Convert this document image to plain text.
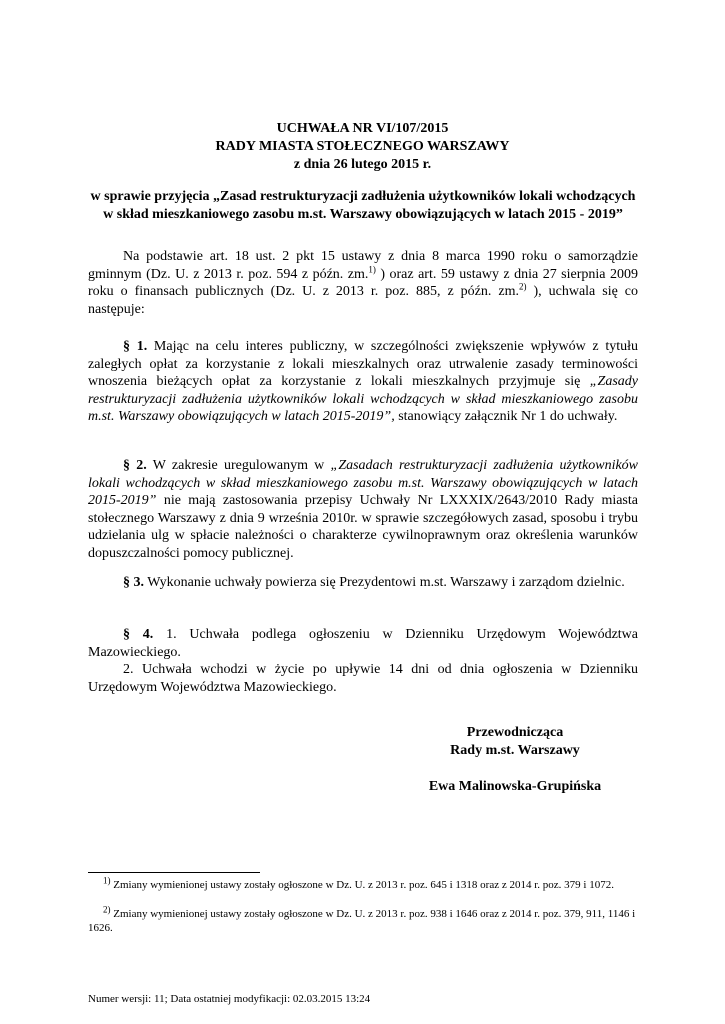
UCHWAŁA NR VI/107/2015
RADY MIASTA STOŁECZNEGO WARSZAWY
z dnia 26 lutego 2015 r.
w sprawie przyjęcia „Zasad restrukturyzacji zadłużenia użytkowników lokali wchodzących w skład mieszkaniowego zasobu m.st. Warszawy obowiązujących w latach 2015 - 2019”
Na podstawie art. 18 ust. 2 pkt 15 ustawy z dnia 8 marca 1990 roku o samorządzie gminnym (Dz. U. z 2013 r. poz. 594 z późn. zm.$^{1)}$ ) oraz art. 59 ustawy z dnia 27 sierpnia 2009 roku o finansach publicznych (Dz. U. z 2013 r. poz. 885, z późn. zm.$^{2)}$ ), uchwala się co następuje:
§ 1. Mając na celu interes publiczny, w szczególności zwiększenie wpływów z tytułu zaległych opłat za korzystanie z lokali mieszkalnych oraz utrwalenie zasady terminowości wnoszenia bieżących opłat za korzystanie z lokali mieszkalnych przyjmuje się „Zasady restrukturyzacji zadłużenia użytkowników lokali wchodzących w skład mieszkaniowego zasobu m.st. Warszawy obowiązujących w latach 2015-2019”, stanowiący załącznik Nr 1 do uchwały.
§ 2. W zakresie uregulowanym w „Zasadach restrukturyzacji zadłużenia użytkowników lokali wchodzących w skład mieszkaniowego zasobu m.st. Warszawy obowiązujących w latach 2015-2019” nie mają zastosowania przepisy Uchwały Nr LXXXIX/2643/2010 Rady miasta stołecznego Warszawy z dnia 9 września 2010r. w sprawie szczegółowych zasad, sposobu i trybu udzielania ulg w spłacie należności o charakterze cywilnoprawnym oraz określenia warunków dopuszczalności pomocy publicznej.
§ 3. Wykonanie uchwały powierza się Prezydentowi m.st. Warszawy i zarządom dzielnic.
§ 4. 1. Uchwała podlega ogłoszeniu w Dzienniku Urzędowym Województwa Mazowieckiego.
2. Uchwała wchodzi w życie po upływie 14 dni od dnia ogłoszenia w Dzienniku Urzędowym Województwa Mazowieckiego.
Przewodnicząca
Rady m.st. Warszawy
Ewa Malinowska-Grupińska
$^{1)}$ Zmiany wymienionej ustawy zostały ogłoszone w Dz. U. z 2013 r. poz. 645 i 1318 oraz z 2014 r. poz. 379 i 1072.
$^{2)}$ Zmiany wymienionej ustawy zostały ogłoszone w Dz. U. z 2013 r. poz. 938 i 1646 oraz z 2014 r. poz. 379, 911, 1146 i 1626.
Numer wersji: 11; Data ostatniej modyfikacji: 02.03.2015 13:24
